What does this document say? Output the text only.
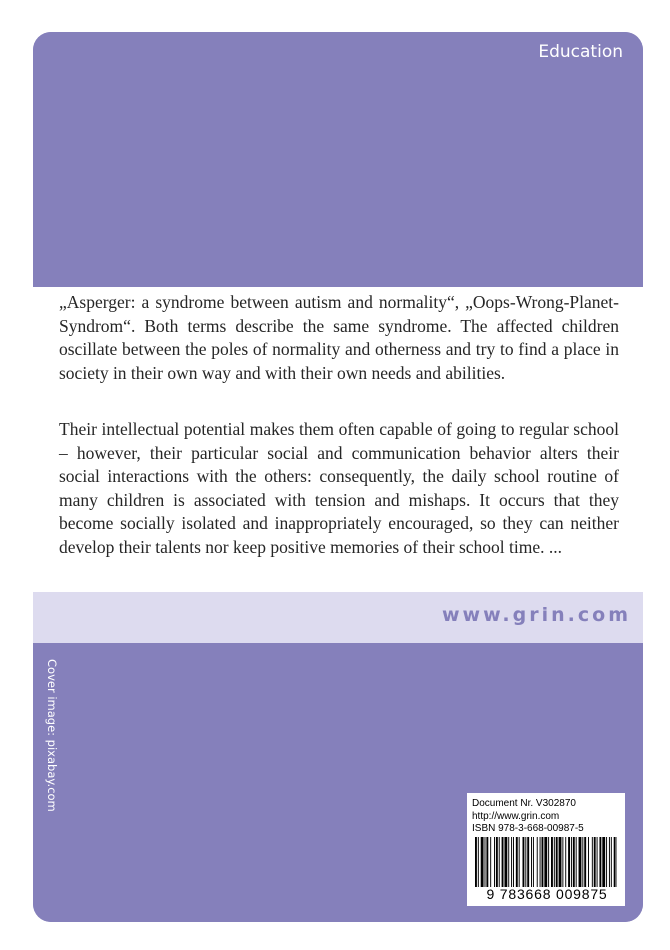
Education

„Asperger: a syndrome between autism and normality“, „Oops-Wrong-Planet-Syndrom“. Both terms describe the same syndrome. The affected children oscillate between the poles of normality and otherness and try to find a place in society in their own way and with their own needs and abilities.

Their intellectual potential makes them often capable of going to regular school – however, their particular social and communication behavior alters their social interactions with the others: consequently, the daily school routine of many children is associated with tension and mishaps. It occurs that they become socially isolated and inappropriately encouraged, so they can neither develop their talents nor keep positive memories of their school time. ...

www.grin.com
Cover image: pixabay.com	Document Nr. V302870
http://www.grin.com
ISBN 978-3-668-00987-5
9 783668 009875
